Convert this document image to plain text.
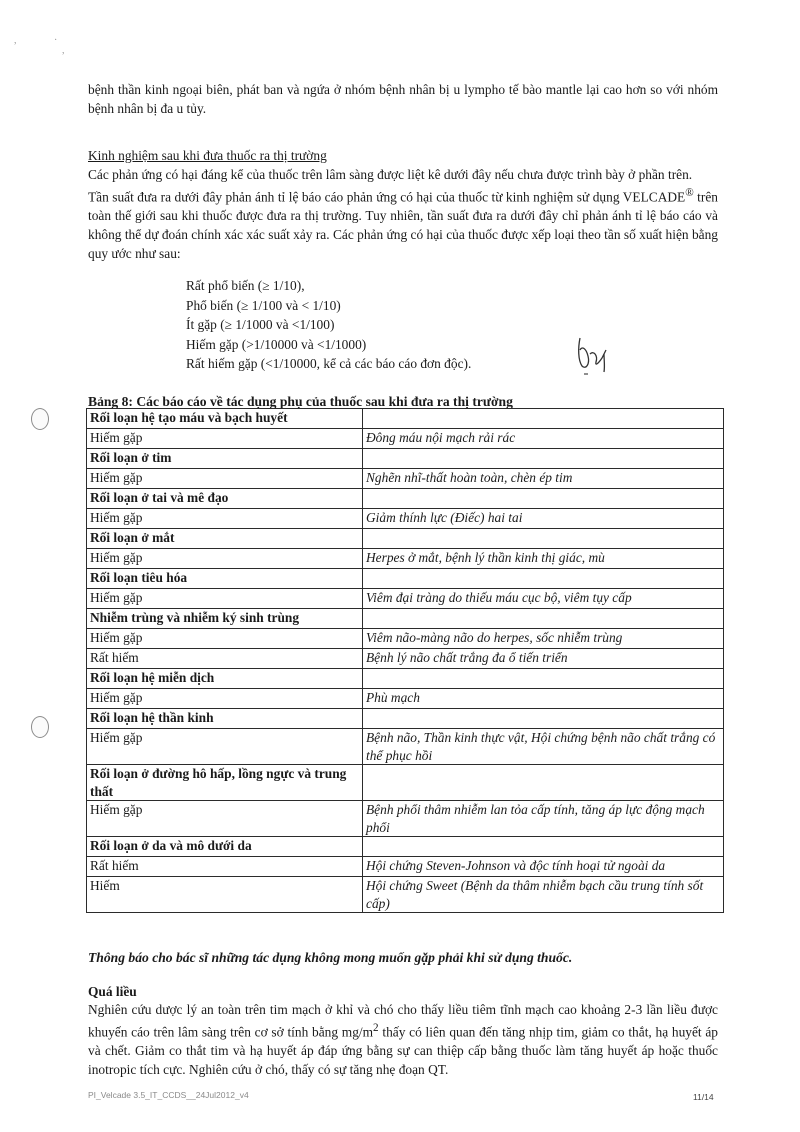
,	·
,

bệnh thần kinh ngoại biên, phát ban và ngứa ở nhóm bệnh nhân bị u lympho tế bào mantle lại cao hơn so với nhóm bệnh nhân bị đa u tủy.

Kinh nghiệm sau khi đưa thuốc ra thị trường

Các phản ứng có hại đáng kể của thuốc trên lâm sàng được liệt kê dưới đây nếu chưa được trình bày ở phần trên.

Tần suất đưa ra dưới đây phản ánh tỉ lệ báo cáo phản ứng có hại của thuốc từ kinh nghiệm sử dụng VELCADE® trên toàn thế giới sau khi thuốc được đưa ra thị trường. Tuy nhiên, tần suất đưa ra dưới đây chỉ phản ánh tỉ lệ báo cáo và không thể dự đoán chính xác xác suất xảy ra. Các phản ứng có hại của thuốc được xếp loại theo tần số xuất hiện bằng quy ước như sau:

Rất phổ biến (≥ 1/10),
Phổ biến (≥ 1/100 và < 1/10)
Ít gặp (≥ 1/1000 và <1/100)
Hiếm gặp (>1/10000 và <1/1000)
Rất hiếm gặp (<1/10000, kể cả các báo cáo đơn độc).
Bảng 8: Các báo cáo về tác dụng phụ của thuốc sau khi đưa ra thị trường
Rối loạn hệ tạo máu và bạch huyết	
Hiếm gặp	Đông máu nội mạch rải rác
Rối loạn ở tim	
Hiếm gặp	Nghẽn nhĩ-thất hoàn toàn, chèn ép tim
Rối loạn ở tai và mê đạo	
Hiếm gặp	Giảm thính lực (Điếc) hai tai
Rối loạn ở mắt	
Hiếm gặp	Herpes ở mắt, bệnh lý thần kinh thị giác, mù
Rối loạn tiêu hóa	
Hiếm gặp	Viêm đại tràng do thiếu máu cục bộ, viêm tụy cấp
Nhiễm trùng và nhiễm ký sinh trùng	
Hiếm gặp	Viêm não-màng não do herpes, sốc nhiễm trùng
Rất hiếm	Bệnh lý não chất trắng đa ổ tiến triển
Rối loạn hệ miễn dịch	
Hiếm gặp	Phù mạch
Rối loạn hệ thần kinh	
Hiếm gặp	Bệnh não, Thần kinh thực vật, Hội chứng bệnh não chất trắng có thể phục hồi
Rối loạn ở đường hô hấp, lồng ngực và trung thất	
Hiếm gặp	Bệnh phổi thâm nhiễm lan tỏa cấp tính, tăng áp lực động mạch phổi
Rối loạn ở da và mô dưới da	
Rất hiếm	Hội chứng Steven-Johnson và độc tính hoại tử ngoài da
Hiếm	Hội chứng Sweet (Bệnh da thâm nhiễm bạch cầu trung tính sốt cấp)
Thông báo cho bác sĩ những tác dụng không mong muốn gặp phải khi sử dụng thuốc.
Quá liều
Nghiên cứu dược lý an toàn trên tim mạch ở khỉ và chó cho thấy liều tiêm tĩnh mạch cao khoảng 2-3 lần liều được khuyến cáo trên lâm sàng trên cơ sở tính bằng $mg/m^2$ thấy có liên quan đến tăng nhịp tim, giảm co thắt, hạ huyết áp và chết. Giảm co thắt tim và hạ huyết áp đáp ứng bằng sự can thiệp cấp bằng thuốc làm tăng huyết áp hoặc thuốc inotropic tích cực. Nghiên cứu ở chó, thấy có sự tăng nhẹ đoạn QT.
PI_Velcade 3.5_IT_CCDS__24Jul2012_v4	11/14
